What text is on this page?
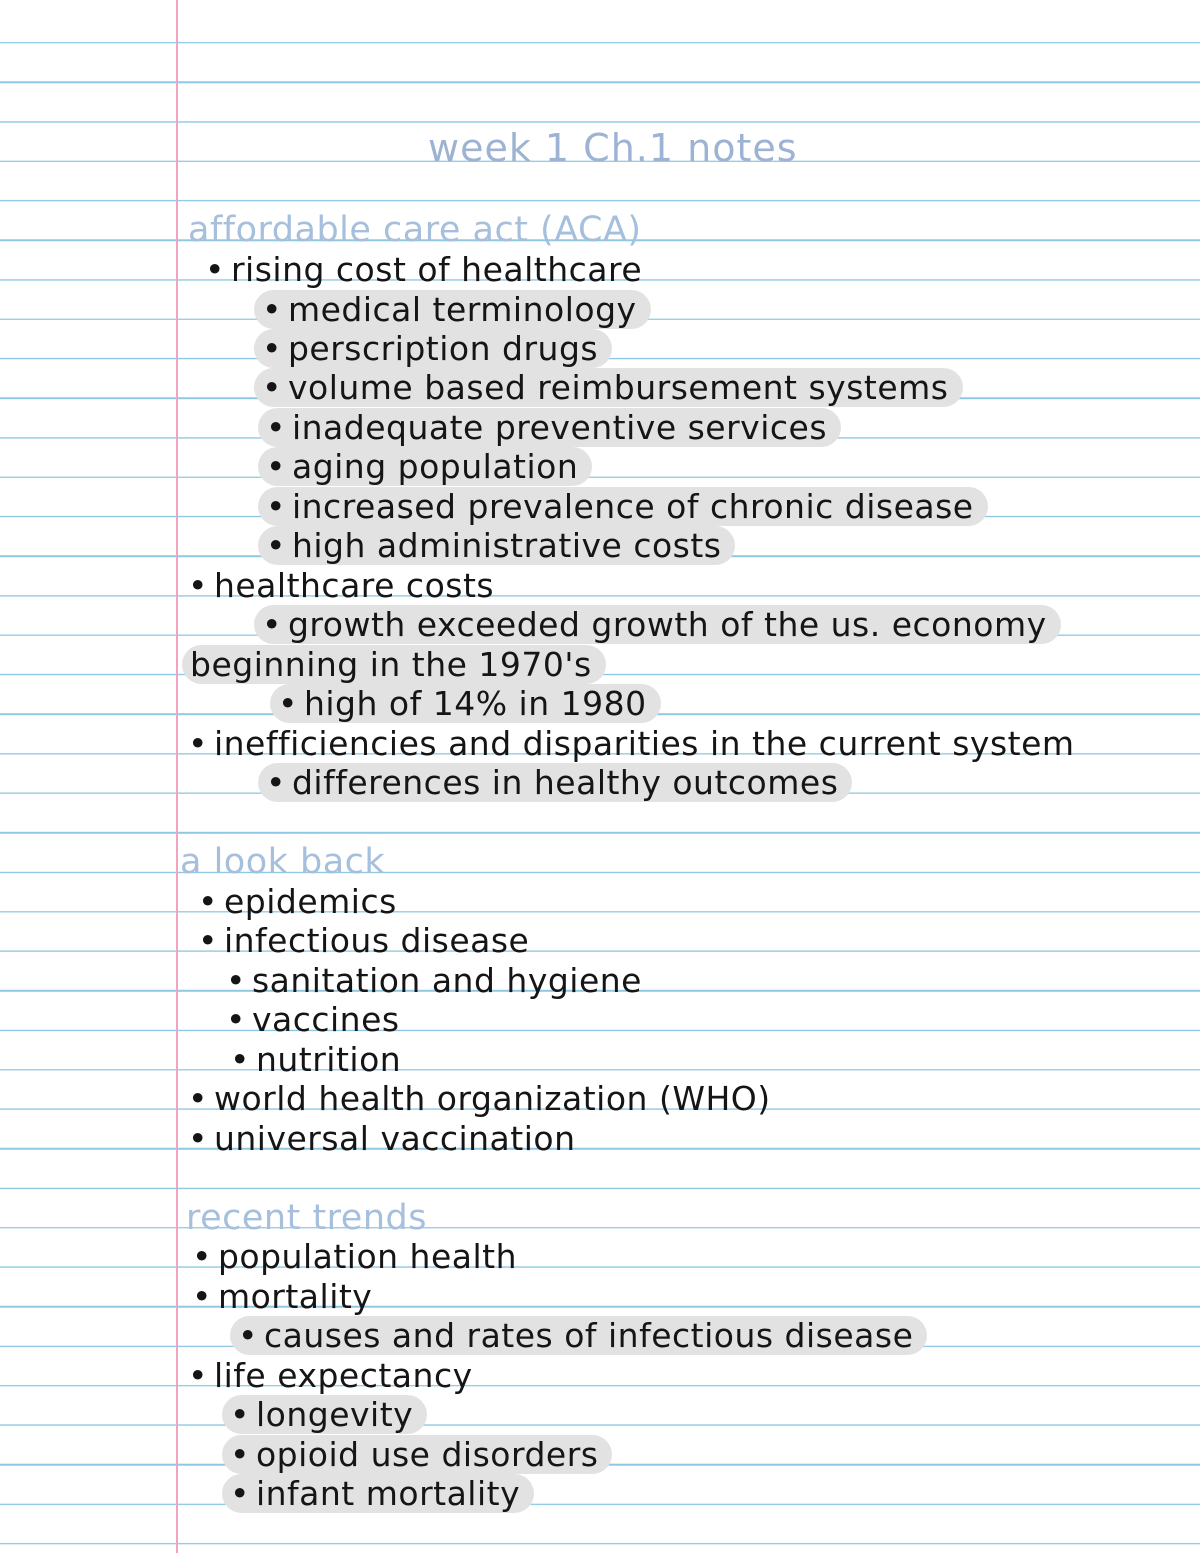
week 1 Ch.1 notes
affordable care act (ACA)
• rising cost of healthcare
• medical terminology
• perscription drugs
• volume based reimbursement systems
• inadequate preventive services
• aging population
• increased prevalence of chronic disease
• high administrative costs
• healthcare costs
• growth exceeded growth of the us. economy
beginning in the 1970's
• high of 14% in 1980
• inefficiencies and disparities in the current system
• differences in healthy outcomes
a look back
• epidemics
• infectious disease
• sanitation and hygiene
• vaccines
• nutrition
• world health organization (WHO)
• universal vaccination
recent trends
• population health
• mortality
• causes and rates of infectious disease
• life expectancy
• longevity
• opioid use disorders
• infant mortality
